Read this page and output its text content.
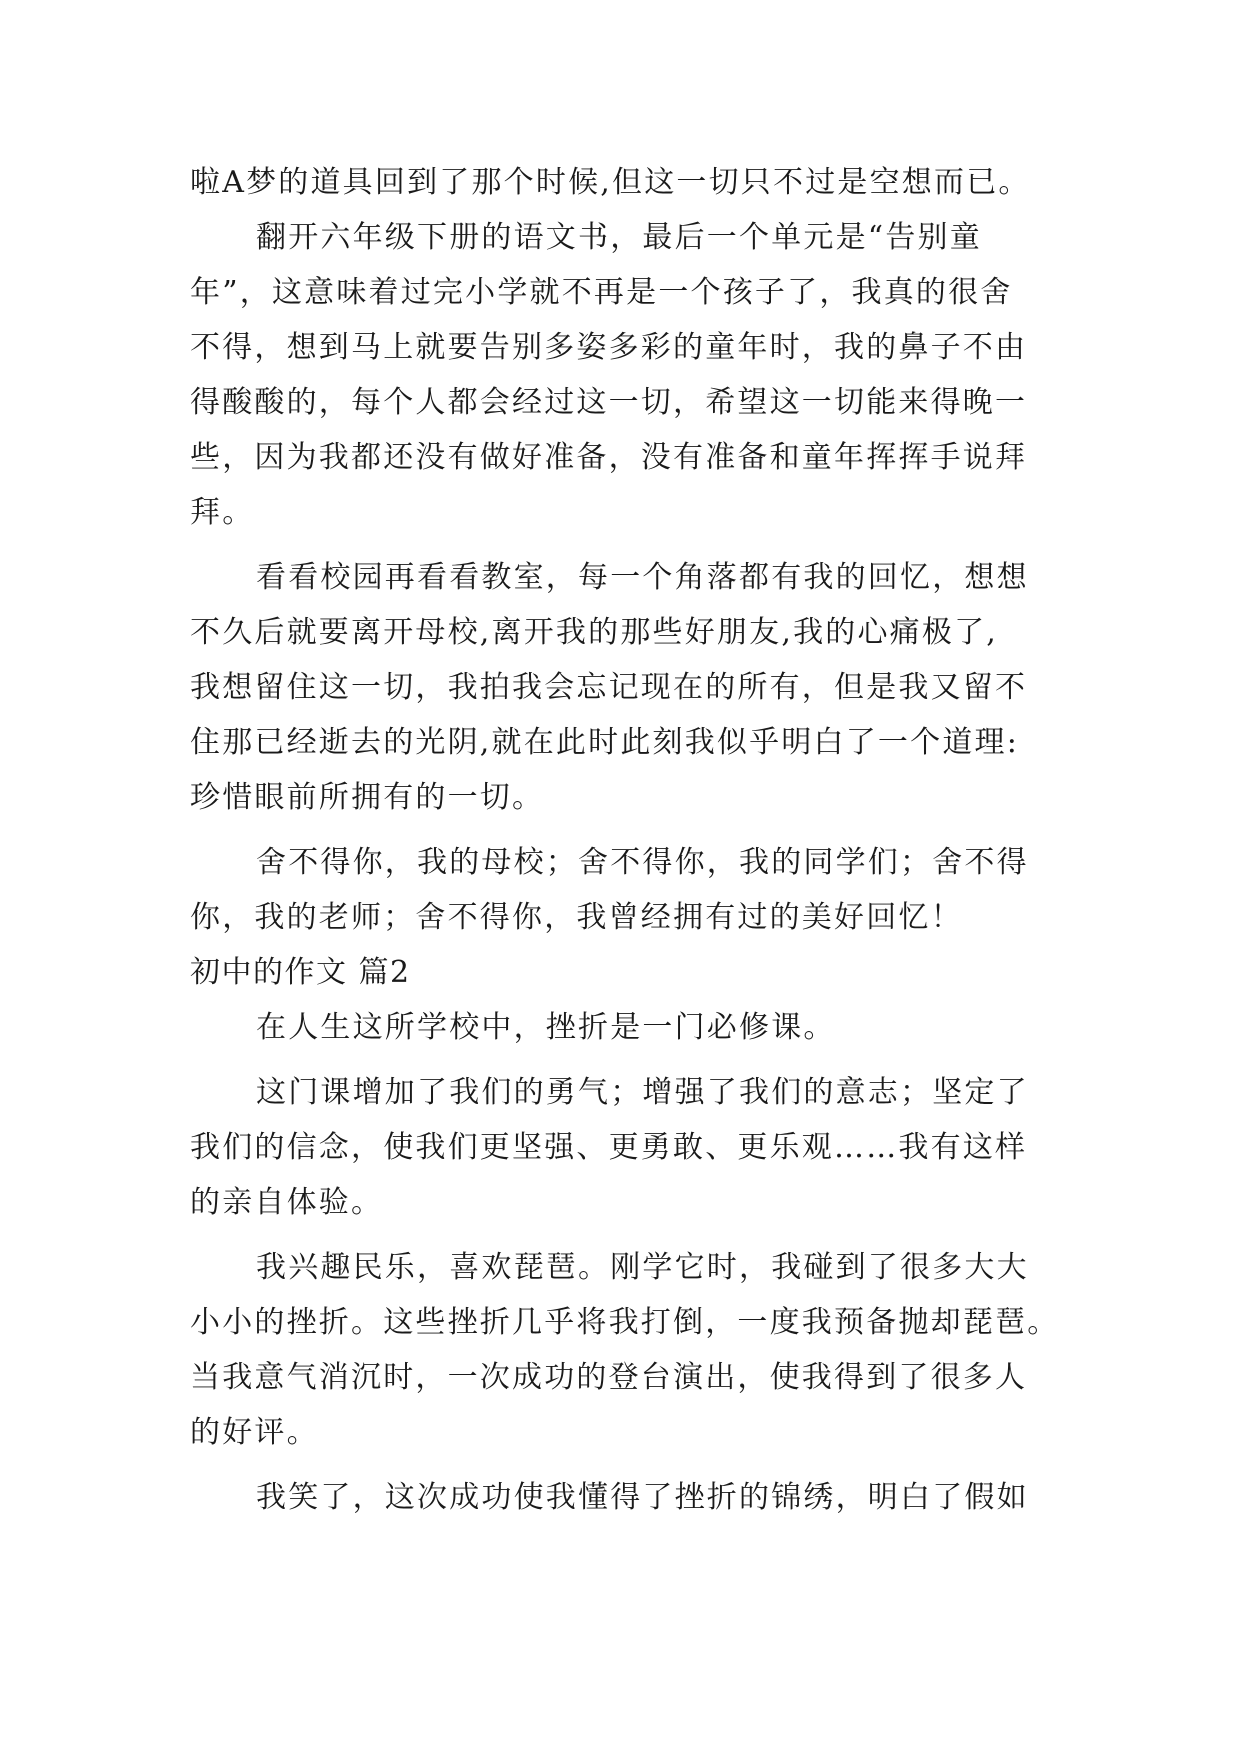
啦A梦的道具回到了那个时候,但这一切只不过是空想而已。
翻开六年级下册的语文书，最后一个单元是“告别童
年”，这意味着过完小学就不再是一个孩子了，我真的很舍
不得，想到马上就要告别多姿多彩的童年时，我的鼻子不由
得酸酸的，每个人都会经过这一切，希望这一切能来得晚一
些，因为我都还没有做好准备，没有准备和童年挥挥手说拜
拜。
看看校园再看看教室，每一个角落都有我的回忆，想想
不久后就要离开母校,离开我的那些好朋友,我的心痛极了,
我想留住这一切，我拍我会忘记现在的所有，但是我又留不
住那已经逝去的光阴,就在此时此刻我似乎明白了一个道理:
珍惜眼前所拥有的一切。
舍不得你，我的母校；舍不得你，我的同学们；舍不得
你，我的老师；舍不得你，我曾经拥有过的美好回忆！
初中的作文 篇2
在人生这所学校中，挫折是一门必修课。
这门课增加了我们的勇气；增强了我们的意志；坚定了
我们的信念，使我们更坚强、更勇敢、更乐观……我有这样
的亲自体验。
我兴趣民乐，喜欢琵琶。刚学它时，我碰到了很多大大
小小的挫折。这些挫折几乎将我打倒，一度我预备抛却琵琶。
当我意气消沉时，一次成功的登台演出，使我得到了很多人
的好评。
我笑了，这次成功使我懂得了挫折的锦绣，明白了假如
